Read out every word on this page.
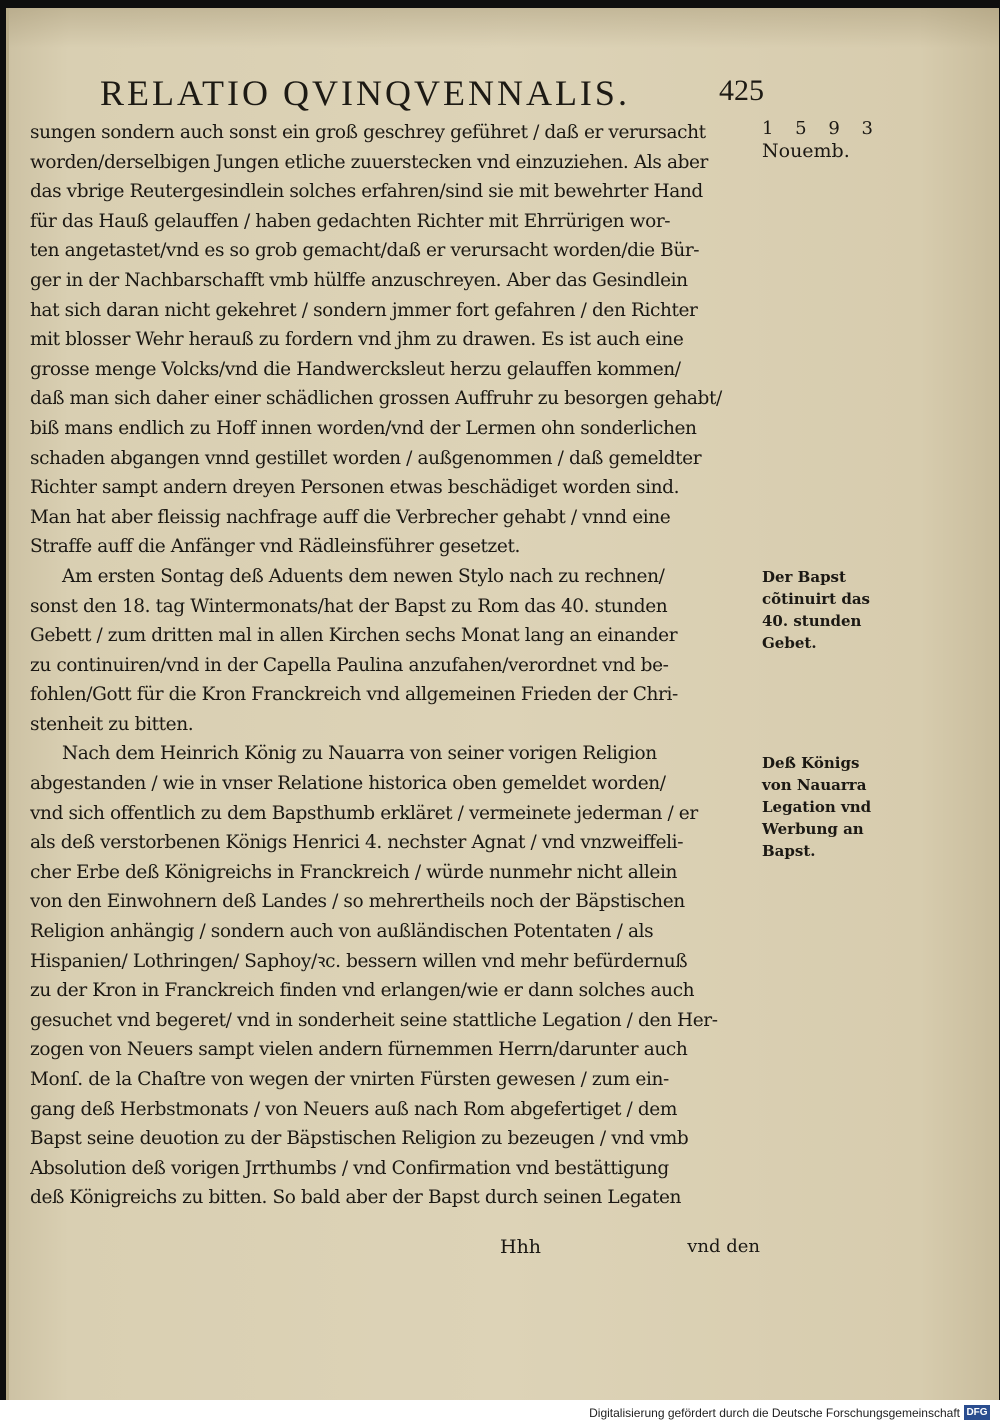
RELATIO QVINQVENNALIS.	425
sungen sondern auch sonst ein groß geschrey geführet / daß er verursacht
worden/derselbigen Jungen etliche zuuerstecken vnd einzuziehen. Als aber
das vbrige Reutergesindlein solches erfahren/sind sie mit bewehrter Hand
für das Hauß gelauffen / haben gedachten Richter mit Ehrrürigen wor-
ten angetastet/vnd es so grob gemacht/daß er verursacht worden/die Bür-
ger in der Nachbarschafft vmb hülffe anzuschreyen. Aber das Gesindlein
hat sich daran nicht gekehret / sondern jmmer fort gefahren / den Richter
mit blosser Wehr herauß zu fordern vnd jhm zu drawen. Es ist auch eine
grosse menge Volcks/vnd die Handwercksleut herzu gelauffen kommen/
daß man sich daher einer schädlichen grossen Auffruhr zu besorgen gehabt/
biß mans endlich zu Hoff innen worden/vnd der Lermen ohn sonderlichen
schaden abgangen vnnd gestillet worden / außgenommen / daß gemeldter
Richter sampt andern dreyen Personen etwas beschädiget worden sind.
Man hat aber fleissig nachfrage auff die Verbrecher gehabt / vnnd eine
Straffe auff die Anfänger vnd Rädleinsführer gesetzet.
Am ersten Sontag deß Aduents dem newen Stylo nach zu rechnen/
sonst den 18. tag Wintermonats/hat der Bapst zu Rom das 40. stunden
Gebett / zum dritten mal in allen Kirchen sechs Monat lang an einander
zu continuiren/vnd in der Capella Paulina anzufahen/verordnet vnd be-
fohlen/Gott für die Kron Franckreich vnd allgemeinen Frieden der Chri-
stenheit zu bitten.
Nach dem Heinrich König zu Nauarra von seiner vorigen Religion
abgestanden / wie in vnser Relatione historica oben gemeldet worden/
vnd sich offentlich zu dem Bapsthumb erkläret / vermeinete jederman / er
als deß verstorbenen Königs Henrici 4. nechster Agnat / vnd vnzweiffeli-
cher Erbe deß Königreichs in Franckreich / würde nunmehr nicht allein
von den Einwohnern deß Landes / so mehrertheils noch der Bäpstischen
Religion anhängig / sondern auch von außländischen Potentaten / als
Hispanien/ Lothringen/ Saphoy/ꝛc. bessern willen vnd mehr befürdernuß
zu der Kron in Franckreich finden vnd erlangen/wie er dann solches auch
gesuchet vnd begeret/ vnd in sonderheit seine stattliche Legation / den Her-
zogen von Neuers sampt vielen andern fürnemmen Herrn/darunter auch
Monſ. de la Chaſtre von wegen der vnirten Fürsten gewesen / zum ein-
gang deß Herbstmonats / von Neuers auß nach Rom abgefertiget / dem
Bapst seine deuotion zu der Bäpstischen Religion zu bezeugen / vnd vmb
Absolution deß vorigen Jrrthumbs / vnd Confirmation vnd bestättigung
deß Königreichs zu bitten. So bald aber der Bapst durch seinen Legaten
1 5 9 3
Nouemb.
Der Bapst
cõtinuirt das
40. stunden
Gebet.
Deß Königs
von Nauarra
Legation vnd
Werbung an
Bapst.
Hhh	vnd den
Digitalisierung gefördert durch die Deutsche Forschungsgemeinschaft DFG
